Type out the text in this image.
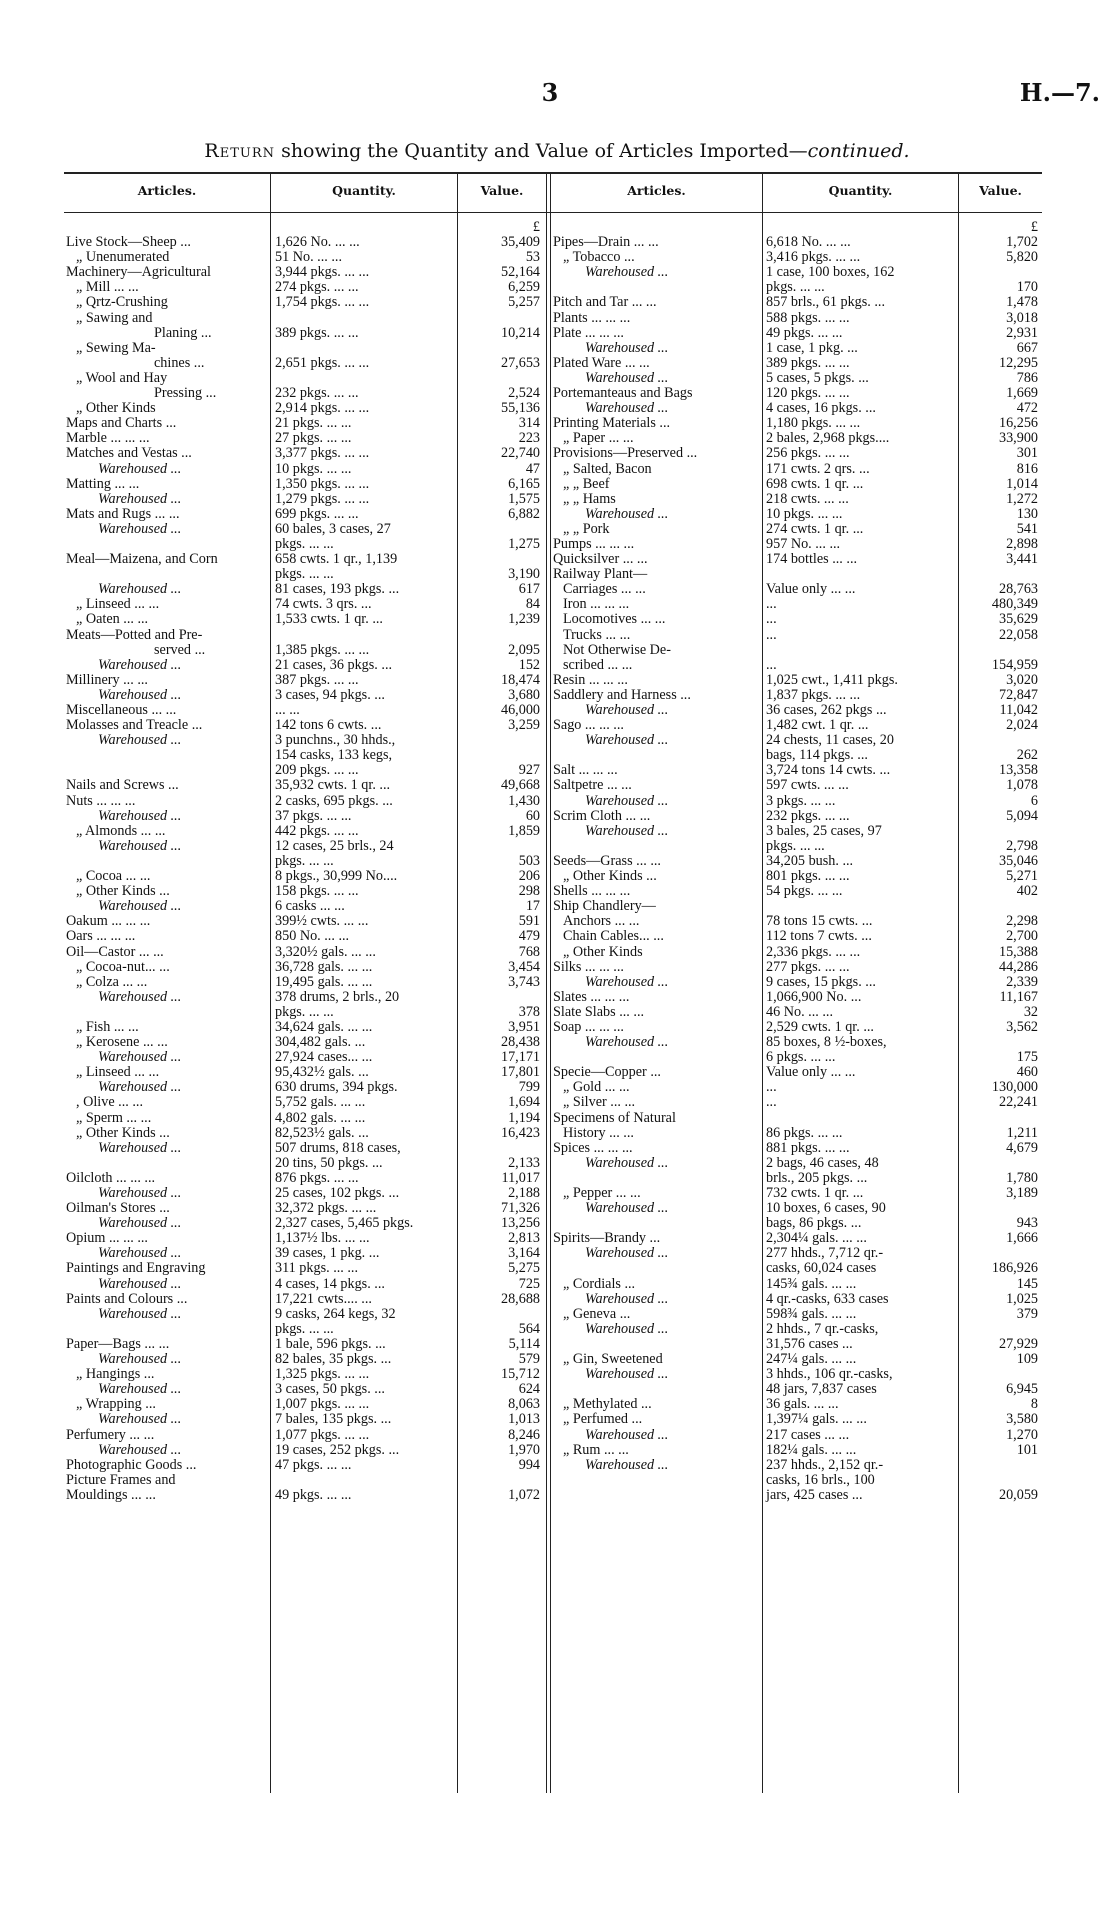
3	H.—7.
Return showing the Quantity and Value of Articles Imported—continued.
Articles.	Quantity.	Value.	Articles.	Quantity.	Value.
£
Live Stock—Sheep ...	1,626 No. ... ...	35,409
„ Unenumerated	51 No. ... ...	53
Machinery—Agricultural	3,944 pkgs. ... ...	52,164
„ Mill ... ...	274 pkgs. ... ...	6,259
„ Qrtz-Crushing	1,754 pkgs. ... ...	5,257
„ Sawing and
Planing ...	389 pkgs. ... ...	10,214
„ Sewing Ma-
chines ...	2,651 pkgs. ... ...	27,653
„ Wool and Hay
Pressing ...	232 pkgs. ... ...	2,524
„ Other Kinds	2,914 pkgs. ... ...	55,136
Maps and Charts ...	21 pkgs. ... ...	314
Marble ... ... ...	27 pkgs. ... ...	223
Matches and Vestas ...	3,377 pkgs. ... ...	22,740
Warehoused ...	10 pkgs. ... ...	47
Matting ... ...	1,350 pkgs. ... ...	6,165
Warehoused ...	1,279 pkgs. ... ...	1,575
Mats and Rugs ... ...	699 pkgs. ... ...	6,882
Warehoused ...	60 bales, 3 cases, 27
pkgs. ... ...	1,275
Meal—Maizena, and Corn	658 cwts. 1 qr., 1,139
pkgs. ... ...	3,190
Warehoused ...	81 cases, 193 pkgs. ...	617
„ Linseed ... ...	74 cwts. 3 qrs. ...	84
„ Oaten ... ...	1,533 cwts. 1 qr. ...	1,239
Meats—Potted and Pre-
served ...	1,385 pkgs. ... ...	2,095
Warehoused ...	21 cases, 36 pkgs. ...	152
Millinery ... ...	387 pkgs. ... ...	18,474
Warehoused ...	3 cases, 94 pkgs. ...	3,680
Miscellaneous ... ...	... ...	46,000
Molasses and Treacle ...	142 tons 6 cwts. ...	3,259
Warehoused ...	3 punchns., 30 hhds.,
154 casks, 133 kegs,
209 pkgs. ... ...	927
Nails and Screws ...	35,932 cwts. 1 qr. ...	49,668
Nuts ... ... ...	2 casks, 695 pkgs. ...	1,430
Warehoused ...	37 pkgs. ... ...	60
„ Almonds ... ...	442 pkgs. ... ...	1,859
Warehoused ...	12 cases, 25 brls., 24
pkgs. ... ...	503
„ Cocoa ... ...	8 pkgs., 30,999 No....	206
„ Other Kinds ...	158 pkgs. ... ...	298
Warehoused ...	6 casks ... ...	17
Oakum ... ... ...	399½ cwts. ... ...	591
Oars ... ... ...	850 No. ... ...	479
Oil—Castor ... ...	3,320½ gals. ... ...	768
„ Cocoa-nut... ...	36,728 gals. ... ...	3,454
„ Colza ... ...	19,495 gals. ... ...	3,743
Warehoused ...	378 drums, 2 brls., 20
pkgs. ... ...	378
„ Fish ... ...	34,624 gals. ... ...	3,951
„ Kerosene ... ...	304,482 gals. ...	28,438
Warehoused ...	27,924 cases... ...	17,171
„ Linseed ... ...	95,432½ gals. ...	17,801
Warehoused ...	630 drums, 394 pkgs.	799
, Olive ... ...	5,752 gals. ... ...	1,694
„ Sperm ... ...	4,802 gals. ... ...	1,194
„ Other Kinds ...	82,523½ gals. ...	16,423
Warehoused ...	507 drums, 818 cases,
20 tins, 50 pkgs. ...	2,133
Oilcloth ... ... ...	876 pkgs. ... ...	11,017
Warehoused ...	25 cases, 102 pkgs. ...	2,188
Oilman's Stores ...	32,372 pkgs. ... ...	71,326
Warehoused ...	2,327 cases, 5,465 pkgs.	13,256
Opium ... ... ...	1,137½ lbs. ... ...	2,813
Warehoused ...	39 cases, 1 pkg. ...	3,164
Paintings and Engraving	311 pkgs. ... ...	5,275
Warehoused ...	4 cases, 14 pkgs. ...	725
Paints and Colours ...	17,221 cwts.... ...	28,688
Warehoused ...	9 casks, 264 kegs, 32
pkgs. ... ...	564
Paper—Bags ... ...	1 bale, 596 pkgs. ...	5,114
Warehoused ...	82 bales, 35 pkgs. ...	579
„ Hangings ...	1,325 pkgs. ... ...	15,712
Warehoused ...	3 cases, 50 pkgs. ...	624
„ Wrapping ...	1,007 pkgs. ... ...	8,063
Warehoused ...	7 bales, 135 pkgs. ...	1,013
Perfumery ... ...	1,077 pkgs. ... ...	8,246
Warehoused ...	19 cases, 252 pkgs. ...	1,970
Photographic Goods ...	47 pkgs. ... ...	994
Picture Frames and
Mouldings ... ...	49 pkgs. ... ...	1,072
£
Pipes—Drain ... ...	6,618 No. ... ...	1,702
„ Tobacco ...	3,416 pkgs. ... ...	5,820
Warehoused ...	1 case, 100 boxes, 162
pkgs. ... ...	170
Pitch and Tar ... ...	857 brls., 61 pkgs. ...	1,478
Plants ... ... ...	588 pkgs. ... ...	3,018
Plate ... ... ...	49 pkgs. ... ...	2,931
Warehoused ...	1 case, 1 pkg. ...	667
Plated Ware ... ...	389 pkgs. ... ...	12,295
Warehoused ...	5 cases, 5 pkgs. ...	786
Portemanteaus and Bags	120 pkgs. ... ...	1,669
Warehoused ...	4 cases, 16 pkgs. ...	472
Printing Materials ...	1,180 pkgs. ... ...	16,256
„ Paper ... ...	2 bales, 2,968 pkgs....	33,900
Provisions—Preserved ...	256 pkgs. ... ...	301
„ Salted, Bacon	171 cwts. 2 qrs. ...	816
„ „ Beef	698 cwts. 1 qr. ...	1,014
„ „ Hams	218 cwts. ... ...	1,272
Warehoused ...	10 pkgs. ... ...	130
„ „ Pork	274 cwts. 1 qr. ...	541
Pumps ... ... ...	957 No. ... ...	2,898
Quicksilver ... ...	174 bottles ... ...	3,441
Railway Plant—
Carriages ... ...	Value only ... ...	28,763
Iron ... ... ...	...	480,349
Locomotives ... ...	...	35,629
Trucks ... ...	...	22,058
Not Otherwise De-
scribed ... ...	...	154,959
Resin ... ... ...	1,025 cwt., 1,411 pkgs.	3,020
Saddlery and Harness ...	1,837 pkgs. ... ...	72,847
Warehoused ...	36 cases, 262 pkgs ...	11,042
Sago ... ... ...	1,482 cwt. 1 qr. ...	2,024
Warehoused ...	24 chests, 11 cases, 20
bags, 114 pkgs. ...	262
Salt ... ... ...	3,724 tons 14 cwts. ...	13,358
Saltpetre ... ...	597 cwts. ... ...	1,078
Warehoused ...	3 pkgs. ... ...	6
Scrim Cloth ... ...	232 pkgs. ... ...	5,094
Warehoused ...	3 bales, 25 cases, 97
pkgs. ... ...	2,798
Seeds—Grass ... ...	34,205 bush. ...	35,046
„ Other Kinds ...	801 pkgs. ... ...	5,271
Shells ... ... ...	54 pkgs. ... ...	402
Ship Chandlery—
Anchors ... ...	78 tons 15 cwts. ...	2,298
Chain Cables... ...	112 tons 7 cwts. ...	2,700
„ Other Kinds	2,336 pkgs. ... ...	15,388
Silks ... ... ...	277 pkgs. ... ...	44,286
Warehoused ...	9 cases, 15 pkgs. ...	2,339
Slates ... ... ...	1,066,900 No. ...	11,167
Slate Slabs ... ...	46 No. ... ...	32
Soap ... ... ...	2,529 cwts. 1 qr. ...	3,562
Warehoused ...	85 boxes, 8 ½-boxes,
6 pkgs. ... ...	175
Specie—Copper ...	Value only ... ...	460
„ Gold ... ...	...	130,000
„ Silver ... ...	...	22,241
Specimens of Natural
History ... ...	86 pkgs. ... ...	1,211
Spices ... ... ...	881 pkgs. ... ...	4,679
Warehoused ...	2 bags, 46 cases, 48
brls., 205 pkgs. ...	1,780
„ Pepper ... ...	732 cwts. 1 qr. ...	3,189
Warehoused ...	10 boxes, 6 cases, 90
bags, 86 pkgs. ...	943
Spirits—Brandy ...	2,304¼ gals. ... ...	1,666
Warehoused ...	277 hhds., 7,712 qr.-
casks, 60,024 cases	186,926
„ Cordials ...	145¾ gals. ... ...	145
Warehoused ...	4 qr.-casks, 633 cases	1,025
„ Geneva ...	598¾ gals. ... ...	379
Warehoused ...	2 hhds., 7 qr.-casks,
31,576 cases ...	27,929
„ Gin, Sweetened	247¼ gals. ... ...	109
Warehoused ...	3 hhds., 106 qr.-casks,
48 jars, 7,837 cases	6,945
„ Methylated ...	36 gals. ... ...	8
„ Perfumed ...	1,397¼ gals. ... ...	3,580
Warehoused ...	217 cases ... ...	1,270
„ Rum ... ...	182¼ gals. ... ...	101
Warehoused ...	237 hhds., 2,152 qr.-
casks, 16 brls., 100
jars, 425 cases ...	20,059
